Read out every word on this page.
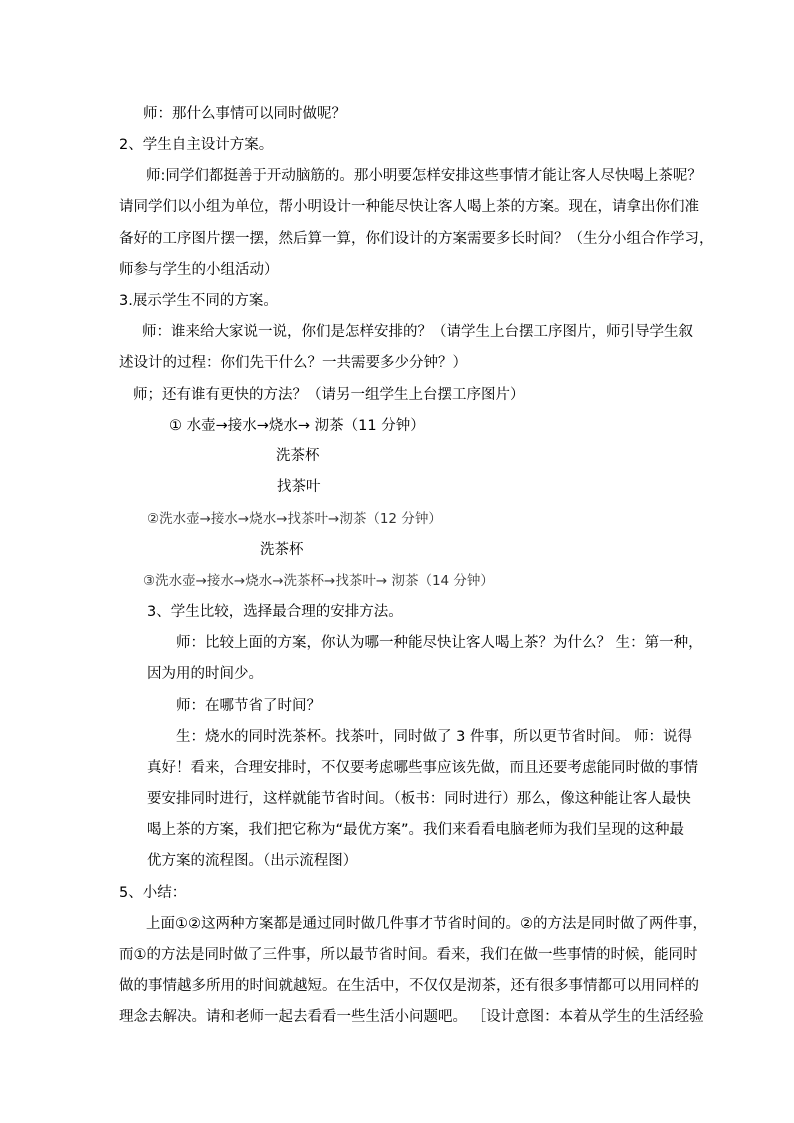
师：那什么事情可以同时做呢？
2、学生自主设计方案。
师:同学们都挺善于开动脑筋的。那小明要怎样安排这些事情才能让客人尽快喝上茶呢？
请同学们以小组为单位，帮小明设计一种能尽快让客人喝上茶的方案。现在，请拿出你们准
备好的工序图片摆一摆，然后算一算，你们设计的方案需要多长时间？（生分小组合作学习，
师参与学生的小组活动）
3.展示学生不同的方案。
师：谁来给大家说一说，你们是怎样安排的？（请学生上台摆工序图片，师引导学生叙
述设计的过程：你们先干什么？一共需要多少分钟？）
师；还有谁有更快的方法？（请另一组学生上台摆工序图片）
① 水壶→接水→烧水→ 沏茶（11 分钟）
洗茶杯
找茶叶
②洗水壶→接水→烧水→找茶叶→沏茶（12 分钟）
洗茶杯
③洗水壶→接水→烧水→洗茶杯→找茶叶→ 沏茶（14 分钟）
3、学生比较，选择最合理的安排方法。
师：比较上面的方案，你认为哪一种能尽快让客人喝上茶？为什么？ 生：第一种，
因为用的时间少。
师：在哪节省了时间？
生：烧水的同时洗茶杯。找茶叶，同时做了 3 件事，所以更节省时间。 师：说得
真好！看来，合理安排时，不仅要考虑哪些事应该先做，而且还要考虑能同时做的事情
要安排同时进行，这样就能节省时间。（板书：同时进行）那么，像这种能让客人最快
喝上茶的方案，我们把它称为“最优方案”。我们来看看电脑老师为我们呈现的这种最
优方案的流程图。（出示流程图）
5、小结：
上面①②这两种方案都是通过同时做几件事才节省时间的。②的方法是同时做了两件事，
而①的方法是同时做了三件事，所以最节省时间。看来，我们在做一些事情的时候，能同时
做的事情越多所用的时间就越短。在生活中，不仅仅是沏茶，还有很多事情都可以用同样的
理念去解决。请和老师一起去看看一些生活小问题吧。 ［设计意图：本着从学生的生活经验
